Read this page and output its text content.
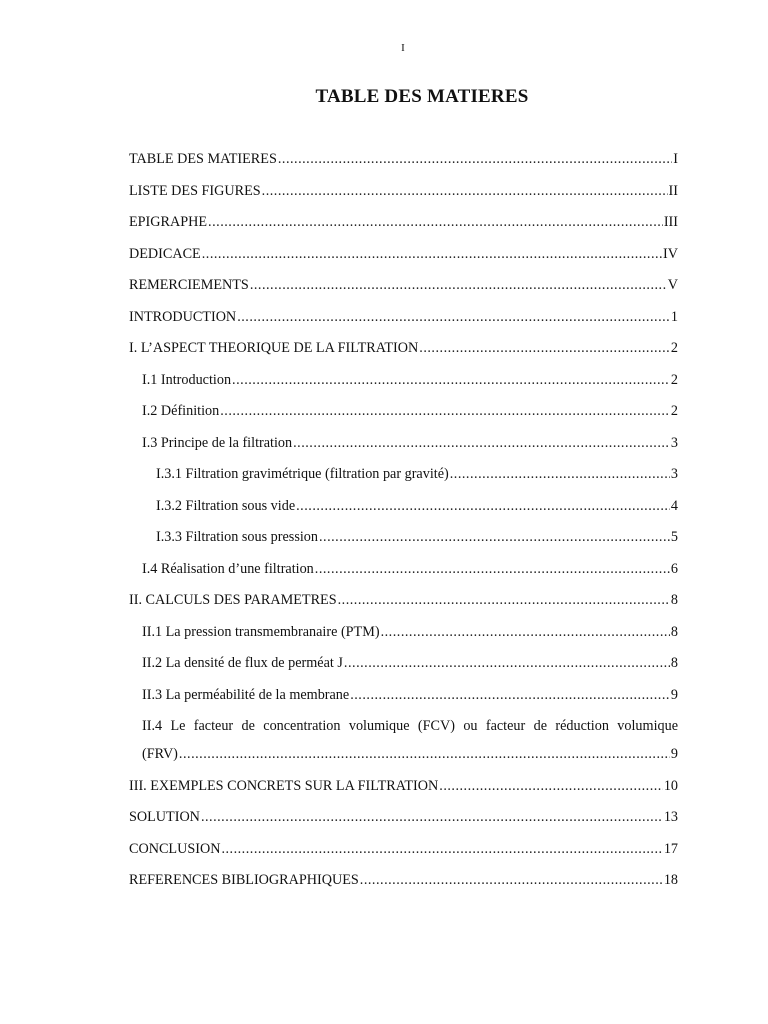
I
TABLE DES MATIERES
TABLE DES MATIERES .....	I
LISTE DES FIGURES .....	II
EPIGRAPHE .....	III
DEDICACE .....	IV
REMERCIEMENTS .....	V
INTRODUCTION .....	1
I. L’ASPECT THEORIQUE DE LA FILTRATION .....	2
I.1 Introduction .....	2
I.2 Définition .....	2
I.3 Principe de la filtration .....	3
I.3.1 Filtration gravimétrique (filtration par gravité) .....	3
I.3.2 Filtration sous vide .....	4
I.3.3 Filtration sous pression .....	5
I.4 Réalisation d’une filtration .....	6
II. CALCULS DES PARAMETRES .....	8
II.1 La pression transmembranaire (PTM) .....	8
II.2 La densité de flux de perméat J .....	8
II.3 La perméabilité de la membrane .....	9
II.4 Le facteur de concentration volumique (FCV) ou facteur de réduction volumique
(FRV) .....	9
III. EXEMPLES CONCRETS SUR LA FILTRATION .....	10
SOLUTION .....	13
CONCLUSION .....	17
REFERENCES BIBLIOGRAPHIQUES .....	18
